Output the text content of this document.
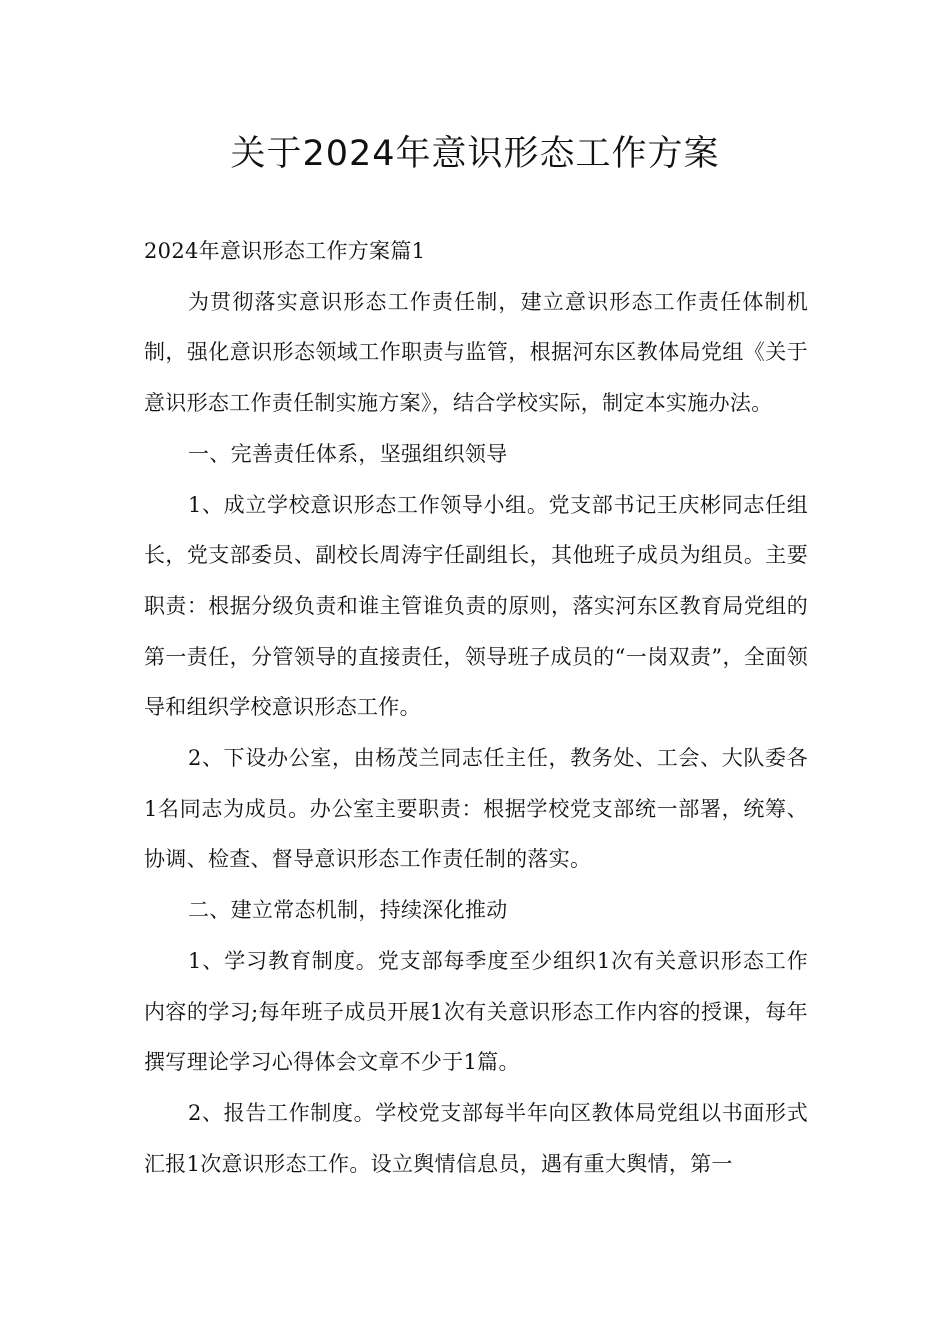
关于2024年意识形态工作方案

2024年意识形态工作方案篇1

为贯彻落实意识形态工作责任制，建立意识形态工作责任体制机制，强化意识形态领域工作职责与监管，根据河东区教体局党组《关于意识形态工作责任制实施方案》，结合学校实际，制定本实施办法。

一、完善责任体系，坚强组织领导

1、成立学校意识形态工作领导小组。党支部书记王庆彬同志任组长，党支部委员、副校长周涛宇任副组长，其他班子成员为组员。主要职责：根据分级负责和谁主管谁负责的原则，落实河东区教育局党组的第一责任，分管领导的直接责任，领导班子成员的“一岗双责”，全面领导和组织学校意识形态工作。

2、下设办公室，由杨茂兰同志任主任，教务处、工会、大队委各1名同志为成员。办公室主要职责：根据学校党支部统一部署，统筹、协调、检查、督导意识形态工作责任制的落实。

二、建立常态机制，持续深化推动

1、学习教育制度。党支部每季度至少组织1次有关意识形态工作内容的学习;每年班子成员开展1次有关意识形态工作内容的授课，每年撰写理论学习心得体会文章不少于1篇。

2、报告工作制度。学校党支部每半年向区教体局党组以书面形式汇报1次意识形态工作。设立舆情信息员，遇有重大舆情，第一
